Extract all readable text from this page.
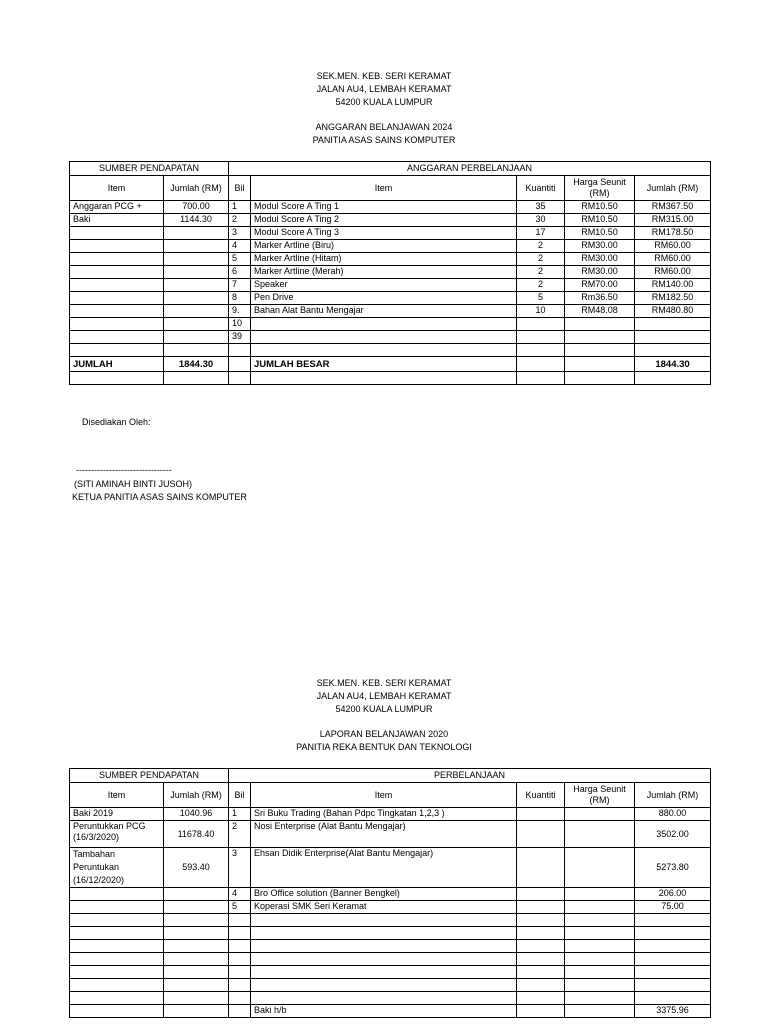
SEK.MEN. KEB. SERI KERAMAT
JALAN AU4, LEMBAH KERAMAT
54200 KUALA LUMPUR
ANGGARAN BELANJAWAN 2024
PANITIA ASAS SAINS KOMPUTER
SUMBER PENDAPATAN		ANGGARAN PERBELANJAAN				
Item	Jumlah (RM)	Bil	Item	Kuantiti	Harga Seunit (RM)	Jumlah (RM)
Anggaran PCG +	700.00	1	Modul Score A Ting 1	35	RM10.50	RM367.50
Baki	1144.30	2	Modul Score A Ting 2	30	RM10.50	RM315.00
		3	Modul Score A Ting 3	17	RM10.50	RM178.50
		4	Marker Artline (Biru)	2	RM30.00	RM60.00
		5	Marker Artline (Hitam)	2	RM30.00	RM60.00
		6	Marker Artline (Merah)	2	RM30.00	RM60.00
		7	Speaker	2	RM70.00	RM140.00
		8	Pen Drive	5	Rm36.50	RM182.50
		9.	Bahan Alat Bantu Mengajar	10	RM48.08	RM480.80
		10				
		39				

JUMLAH	1844.30		JUMLAH BESAR			1844.30

Disediakan Oleh:
--------------------------------
(SITI AMINAH BINTI JUSOH)
KETUA PANITIA ASAS SAINS KOMPUTER
SEK.MEN. KEB. SERI KERAMAT
JALAN AU4, LEMBAH KERAMAT
54200 KUALA LUMPUR
LAPORAN BELANJAWAN 2020
PANITIA REKA BENTUK DAN TEKNOLOGI
SUMBER PENDAPATAN		PERBELANJAAN				
Item	Jumlah (RM)	Bil	Item	Kuantiti	Harga Seunit (RM)	Jumlah (RM)
Baki 2019	1040.96	1	Sri Buku Trading (Bahan Pdpc Tingkatan 1,2,3 )			880.00
Peruntukkan PCG (16/3/2020)	11678.40	2	Nosi Enterprise (Alat Bantu Mengajar)			3502.00
Tambahan Peruntukan (16/12/2020)	593.40	3	Ehsan Didik Enterprise(Alat Bantu Mengajar)			5273.80
		4	Bro Office solution (Banner Bengkel)			206.00
		5	Koperasi SMK Seri Keramat			75.00

			Baki h/b			3375.96
